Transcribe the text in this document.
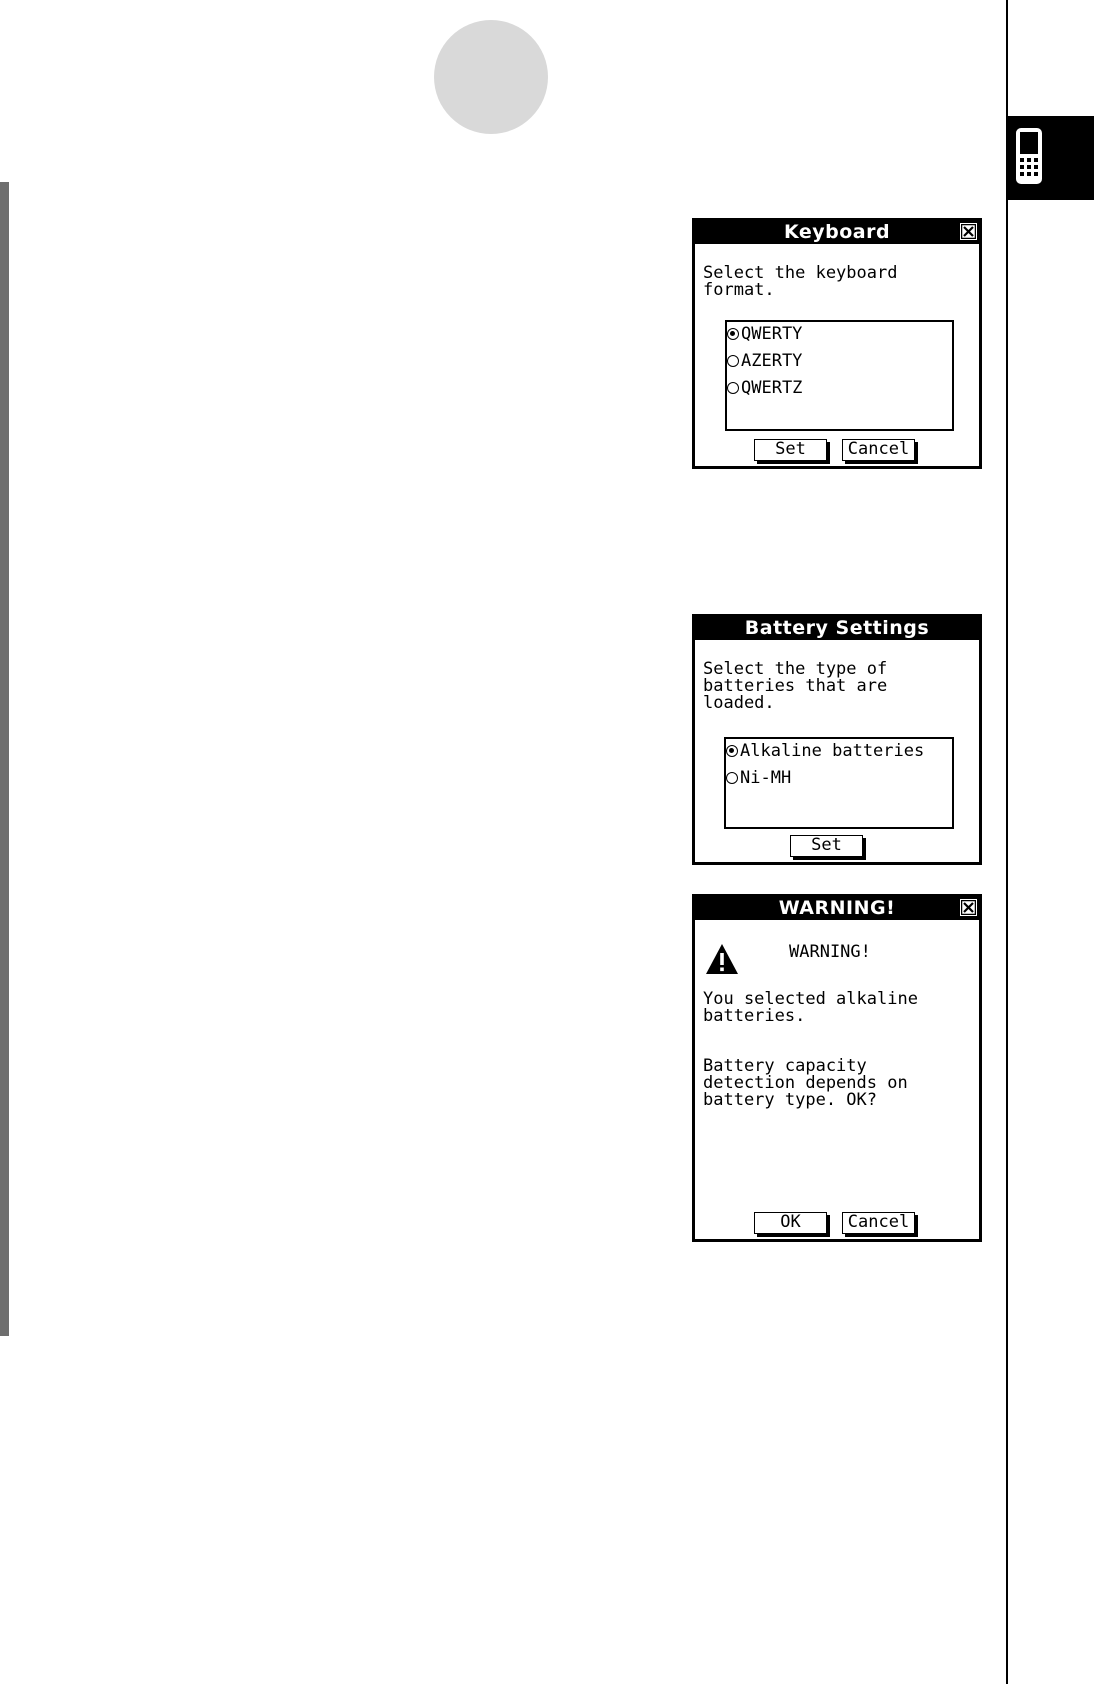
Keyboard
Select the keyboard
format.
QWERTY
AZERTY
QWERTZ
Set	Cancel
Battery Settings
Select the type of
batteries that are
loaded.
Alkaline batteries
Ni-MH
Set
WARNING!
WARNING!
You selected alkaline
batteries.
Battery capacity
detection depends on
battery type. OK?
OK	Cancel
